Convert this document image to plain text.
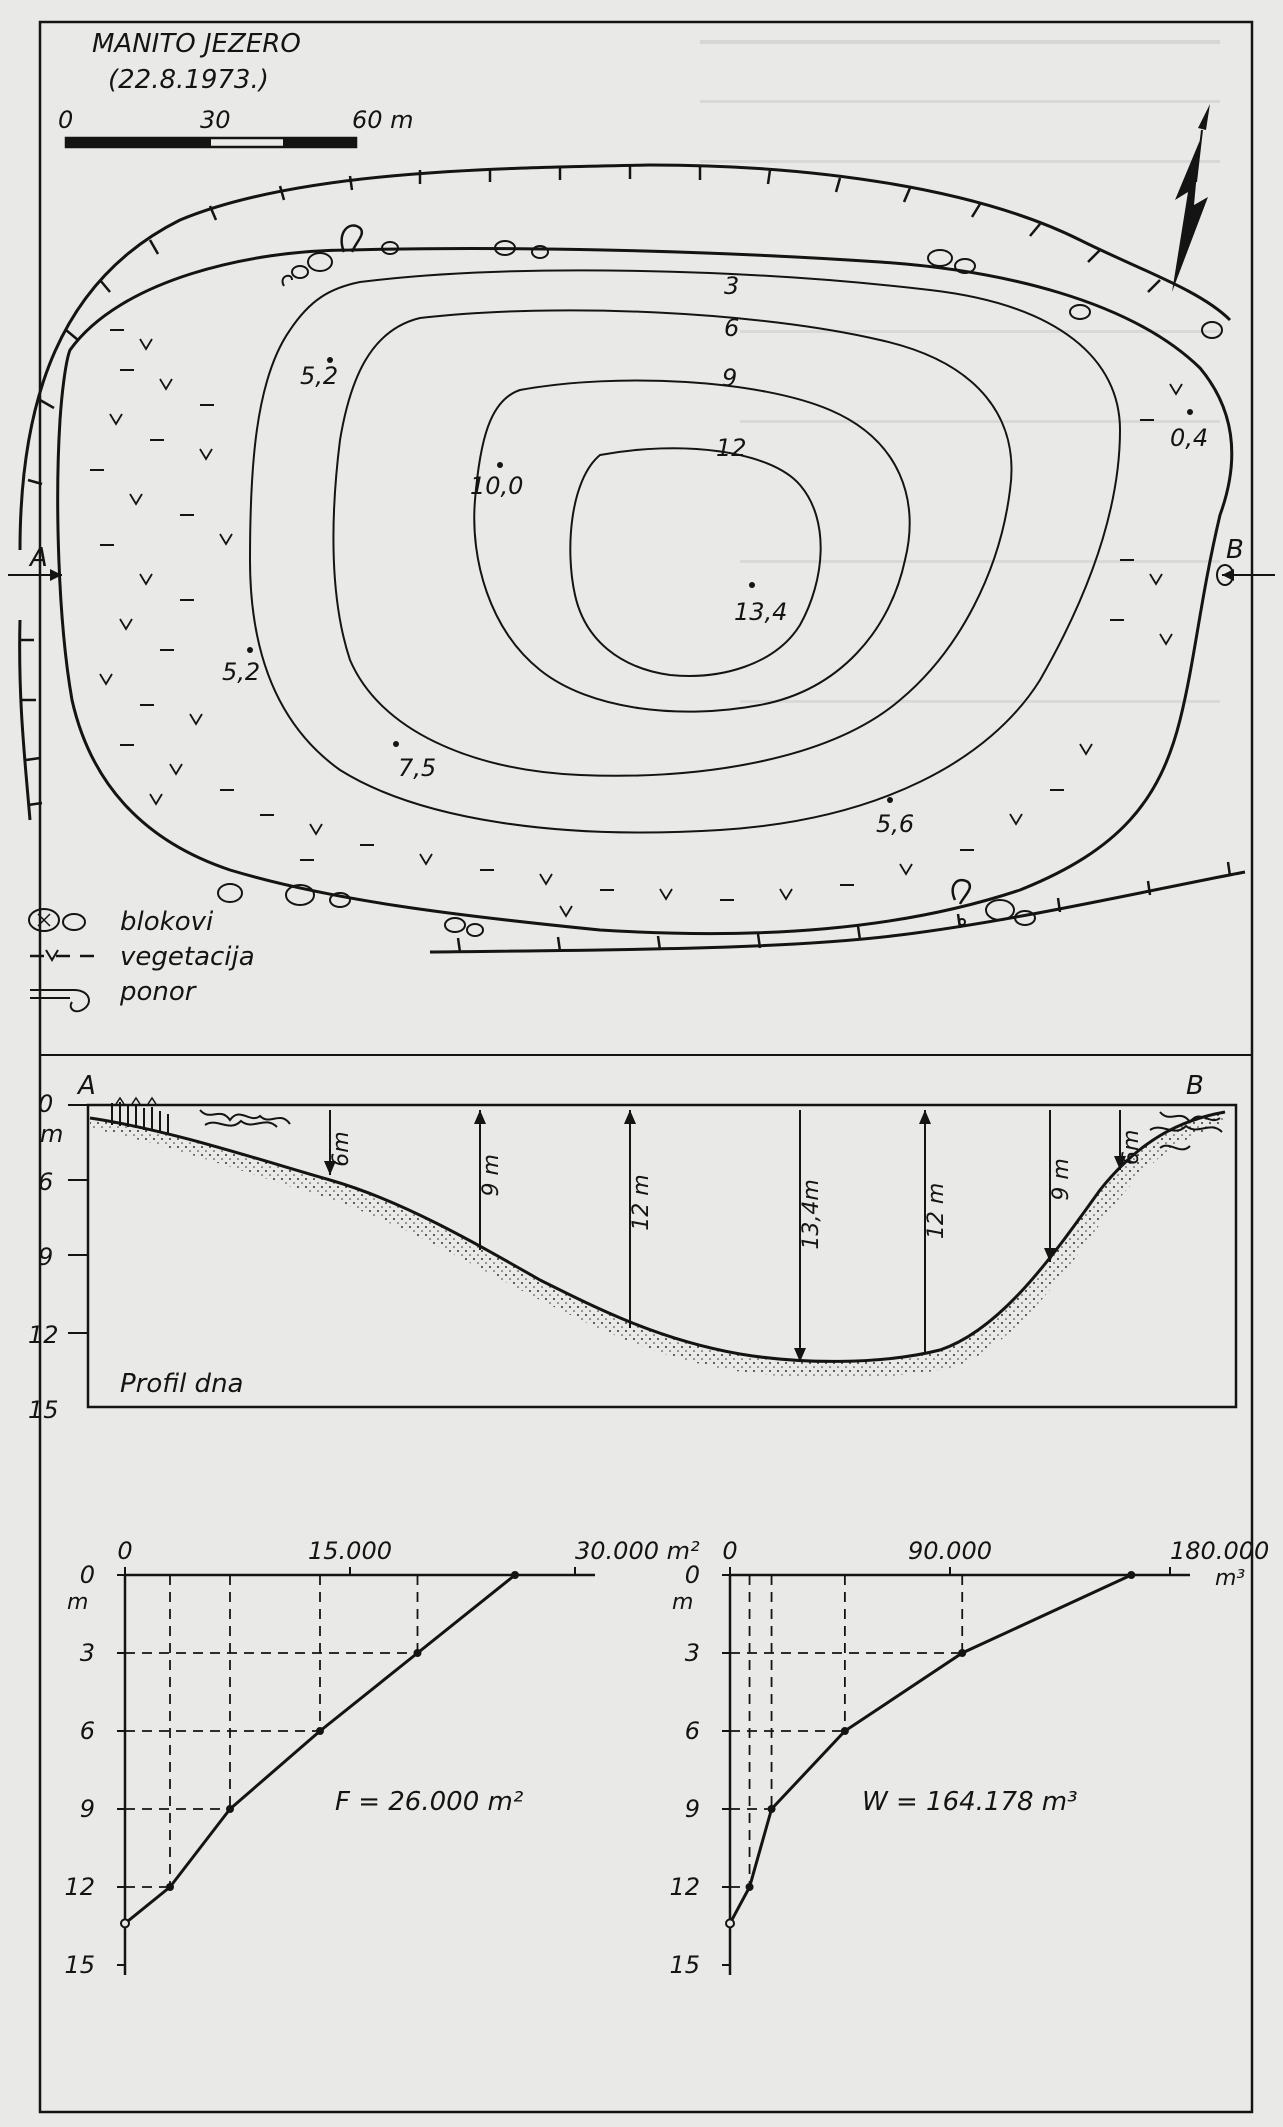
MANITO JEZERO
(22.8.1973.)
0	30	60 m
3
6
9
12
5,2
0,4
10,0
13,4
5,2
7,5
5,6
A	B
blokovi
vegetacija
ponor
0
m
6
9
12
15
A	B
6m
9 m	12 m	13,4m	12 m
9 m
6m
Profil dna
0	15.000	30.000 m²
0
3
6
9
12
15
m
F = 26.000 m²
0	90.000	180.000
0
3
6
9
12
15
m
W = 164.178 m³
m³
